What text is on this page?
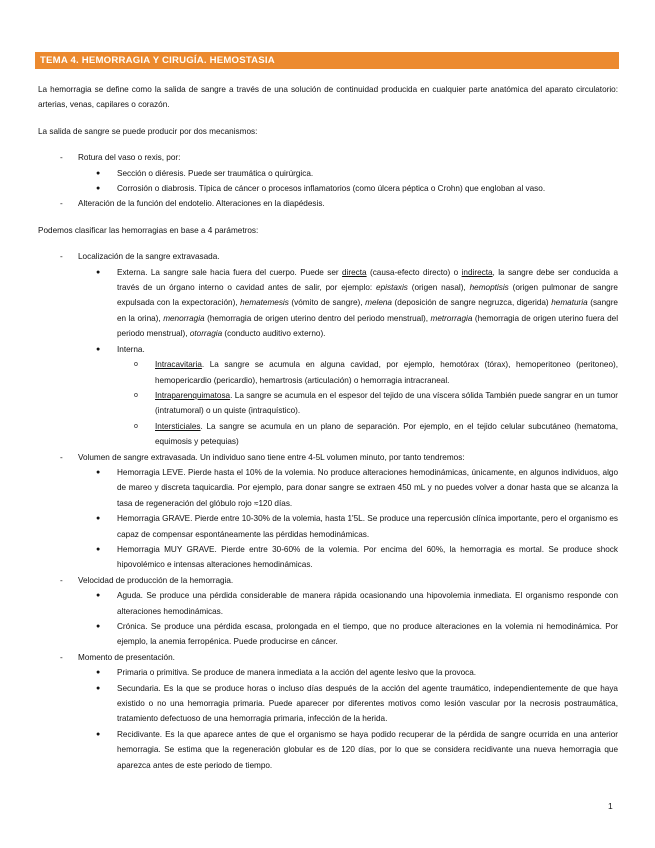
TEMA 4. HEMORRAGIA Y CIRUGÍA. HEMOSTASIA

La hemorragia se define como la salida de sangre a través de una solución de continuidad producida en cualquier parte anatómica del aparato circulatorio: arterias, venas, capilares o corazón.

La salida de sangre se puede producir por dos mecanismos:

- Rotura del vaso o rexis, por:
● Sección o diéresis. Puede ser traumática o quirúrgica.
● Corrosión o diabrosis. Típica de cáncer o procesos inflamatorios (como úlcera péptica o Crohn) que engloban al vaso.
- Alteración de la función del endotelio. Alteraciones en la diapédesis.

Podemos clasificar las hemorragias en base a 4 parámetros:

- Localización de la sangre extravasada.
● Externa. La sangre sale hacia fuera del cuerpo. Puede ser directa (causa-efecto directo) o indirecta, la sangre debe ser conducida a través de un órgano interno o cavidad antes de salir, por ejemplo: epistaxis (origen nasal), hemoptisis (origen pulmonar de sangre expulsada con la expectoración), hematemesis (vómito de sangre), melena (deposición de sangre negruzca, digerida) hematuria (sangre en la orina), menorragia (hemorragia de origen uterino dentro del periodo menstrual), metrorragia (hemorragia de origen uterino fuera del periodo menstrual), otorragia (conducto auditivo externo).
● Interna.
o Intracavitaria. La sangre se acumula en alguna cavidad, por ejemplo, hemotórax (tórax), hemoperitoneo (peritoneo), hemopericardio (pericardio), hemartrosis (articulación) o hemorragia intracraneal.
o Intraparenquimatosa. La sangre se acumula en el espesor del tejido de una víscera sólida También puede sangrar en un tumor (intratumoral) o un quiste (intraquístico).
o Intersticiales. La sangre se acumula en un plano de separación. Por ejemplo, en el tejido celular subcutáneo (hematoma, equimosis y petequias)
- Volumen de sangre extravasada. Un individuo sano tiene entre 4-5L volumen minuto, por tanto tendremos:
● Hemorragia LEVE. Pierde hasta el 10% de la volemia. No produce alteraciones hemodinámicas, únicamente, en algunos individuos, algo de mareo y discreta taquicardia. Por ejemplo, para donar sangre se extraen 450 mL y no puedes volver a donar hasta que se alcanza la tasa de regeneración del glóbulo rojo ≈120 días.
● Hemorragia GRAVE. Pierde entre 10-30% de la volemia, hasta 1'5L. Se produce una repercusión clínica importante, pero el organismo es capaz de compensar espontáneamente las pérdidas hemodinámicas.
● Hemorragia MUY GRAVE. Pierde entre 30-60% de la volemia. Por encima del 60%, la hemorragia es mortal. Se produce shock hipovolémico e intensas alteraciones hemodinámicas.
- Velocidad de producción de la hemorragia.
● Aguda. Se produce una pérdida considerable de manera rápida ocasionando una hipovolemia inmediata. El organismo responde con alteraciones hemodinámicas.
● Crónica. Se produce una pérdida escasa, prolongada en el tiempo, que no produce alteraciones en la volemia ni hemodinámica. Por ejemplo, la anemia ferropénica. Puede producirse en cáncer.
- Momento de presentación.
● Primaria o primitiva. Se produce de manera inmediata a la acción del agente lesivo que la provoca.
● Secundaria. Es la que se produce horas o incluso días después de la acción del agente traumático, independientemente de que haya existido o no una hemorragia primaria. Puede aparecer por diferentes motivos como lesión vascular por la necrosis postraumática, tratamiento defectuoso de una hemorragia primaria, infección de la herida.
● Recidivante. Es la que aparece antes de que el organismo se haya podido recuperar de la pérdida de sangre ocurrida en una anterior hemorragia. Se estima que la regeneración globular es de 120 días, por lo que se considera recidivante una nueva hemorragia que aparezca antes de este periodo de tiempo.
1
